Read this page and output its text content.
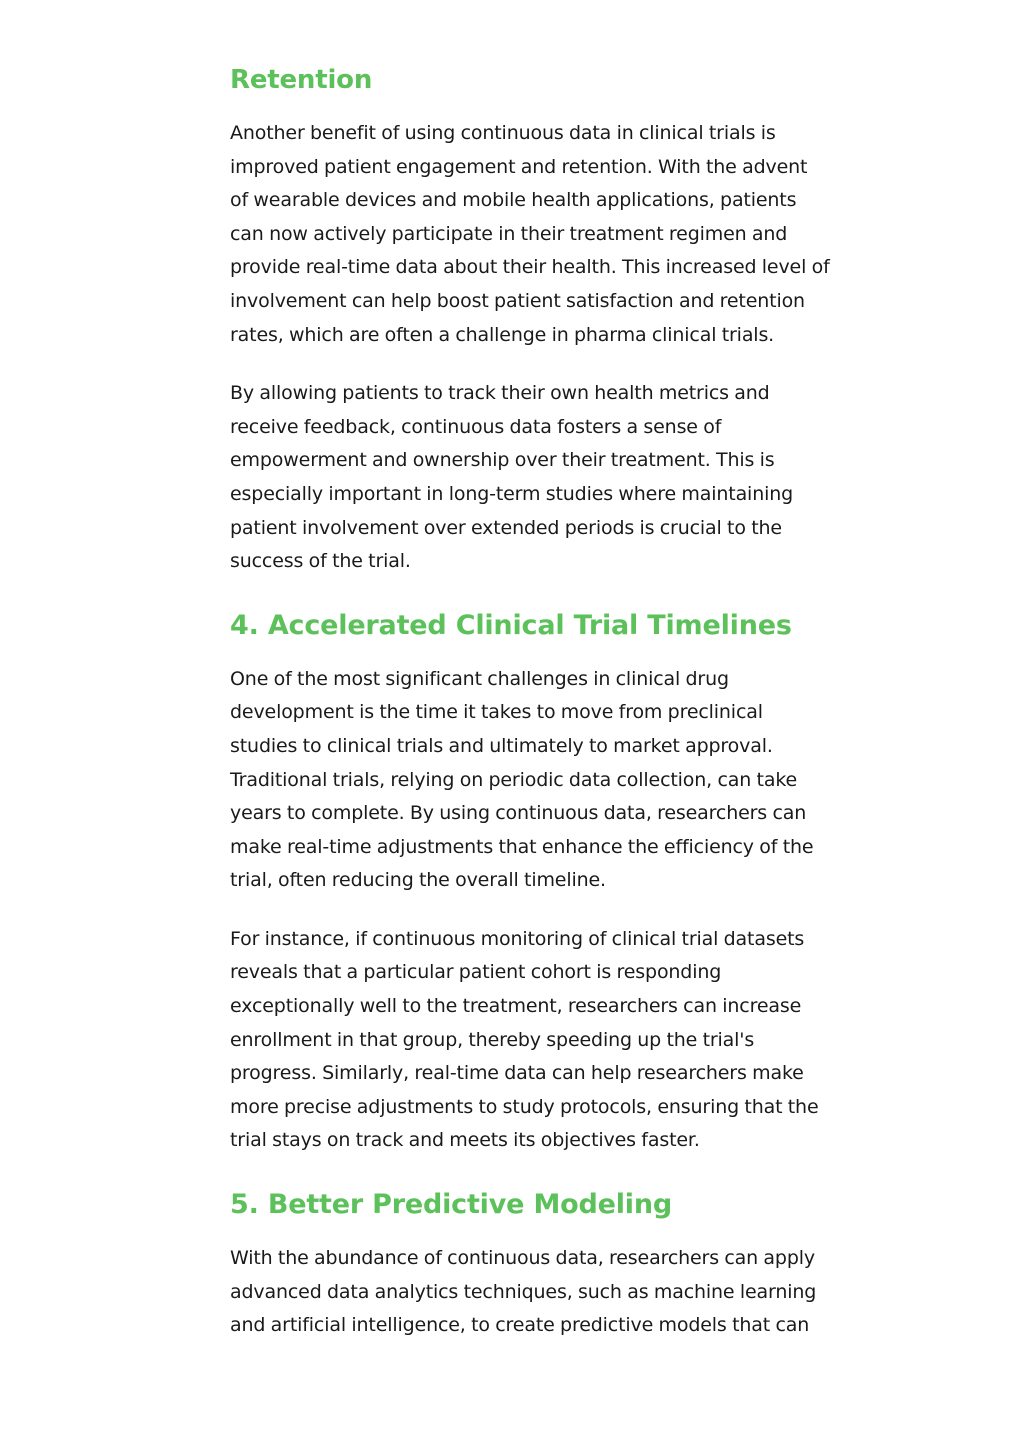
Retention

Another benefit of using continuous data in clinical trials is improved patient engagement and retention. With the advent of wearable devices and mobile health applications, patients can now actively participate in their treatment regimen and provide real-time data about their health. This increased level of involvement can help boost patient satisfaction and retention rates, which are often a challenge in pharma clinical trials.

By allowing patients to track their own health metrics and receive feedback, continuous data fosters a sense of empowerment and ownership over their treatment. This is especially important in long-term studies where maintaining patient involvement over extended periods is crucial to the success of the trial.

4. Accelerated Clinical Trial Timelines

One of the most significant challenges in clinical drug development is the time it takes to move from preclinical studies to clinical trials and ultimately to market approval. Traditional trials, relying on periodic data collection, can take years to complete. By using continuous data, researchers can make real-time adjustments that enhance the efficiency of the trial, often reducing the overall timeline.

For instance, if continuous monitoring of clinical trial datasets reveals that a particular patient cohort is responding exceptionally well to the treatment, researchers can increase enrollment in that group, thereby speeding up the trial's progress. Similarly, real-time data can help researchers make more precise adjustments to study protocols, ensuring that the trial stays on track and meets its objectives faster.

5. Better Predictive Modeling

With the abundance of continuous data, researchers can apply advanced data analytics techniques, such as machine learning and artificial intelligence, to create predictive models that can
